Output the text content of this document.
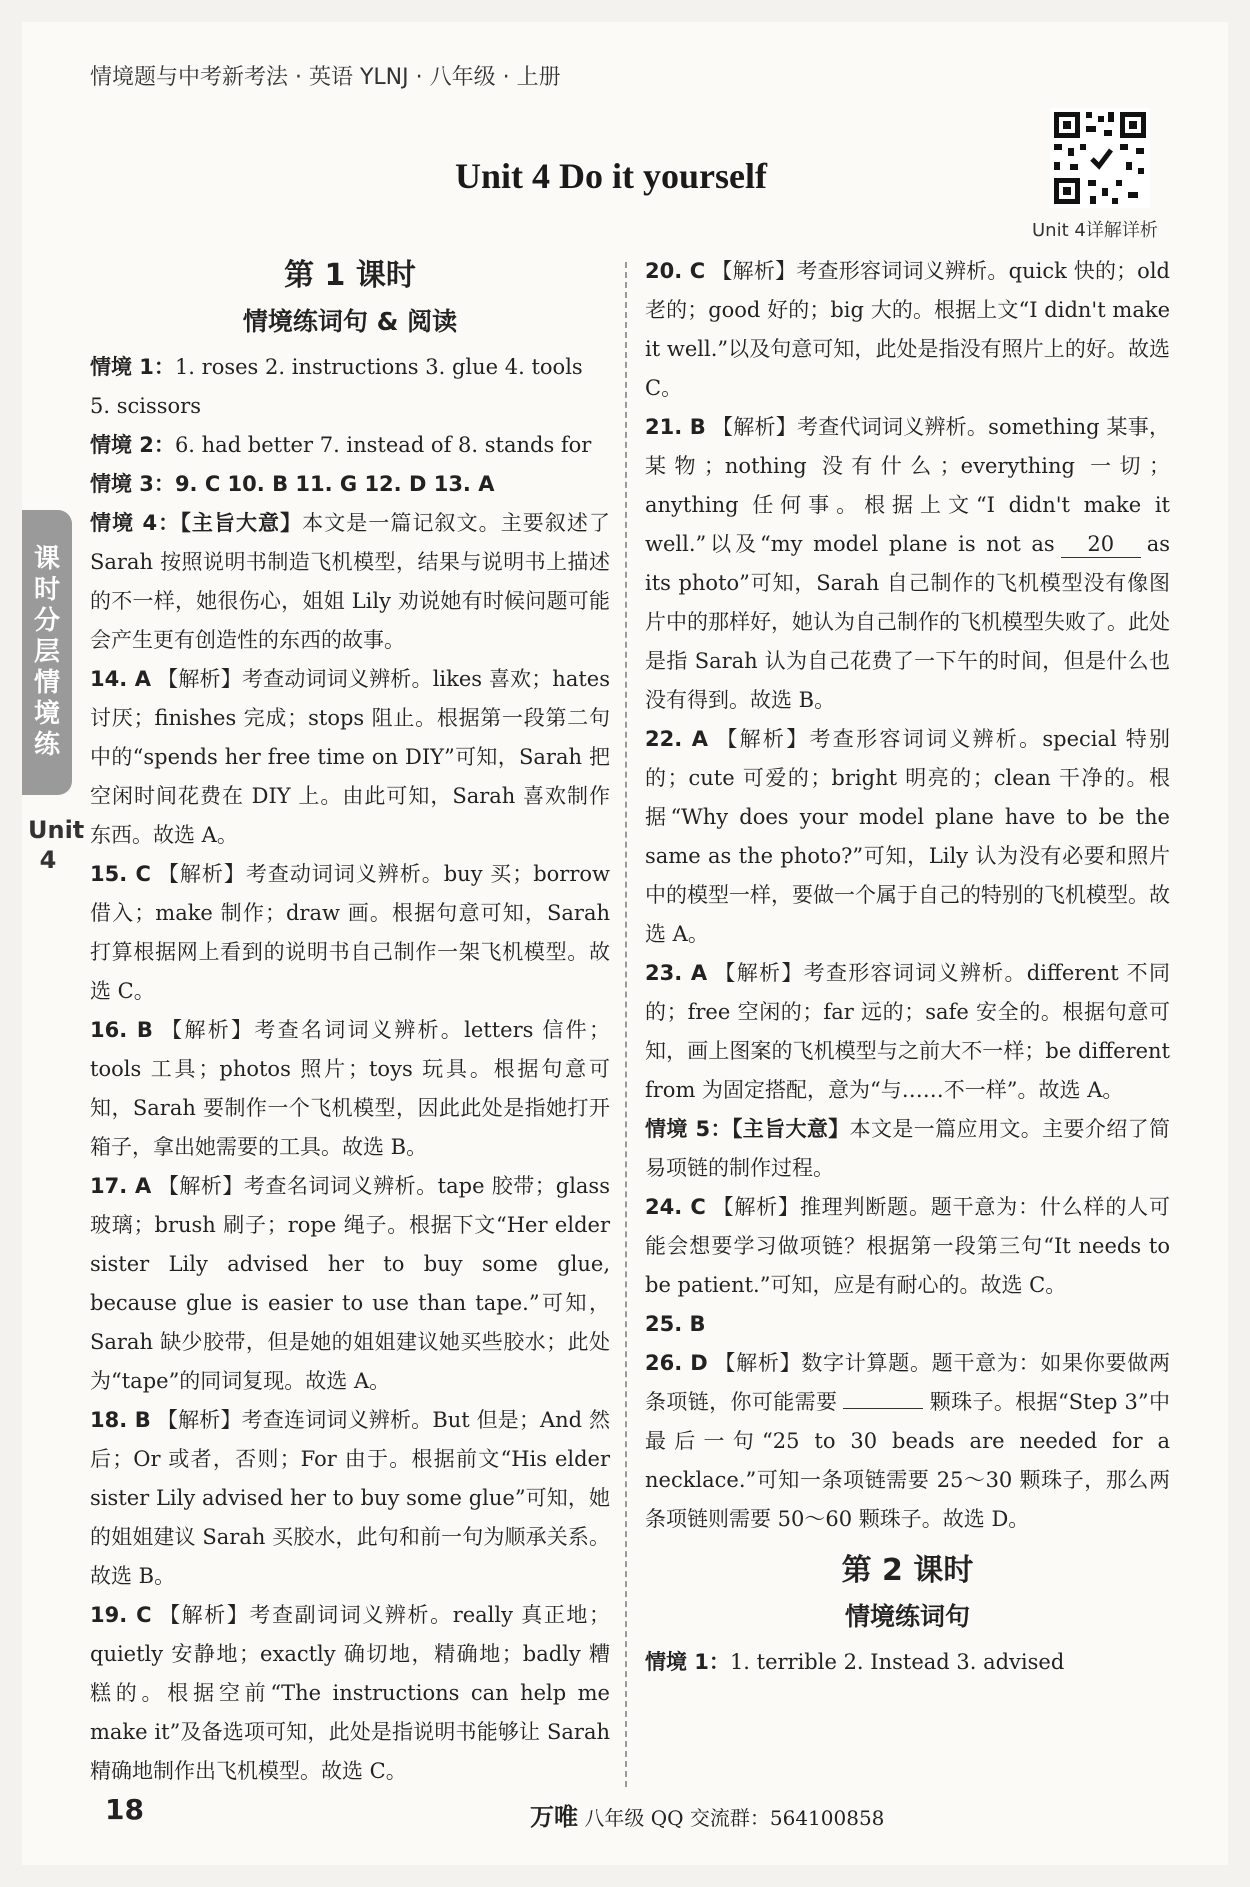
情境题与中考新考法 · 英语 YLNJ · 八年级 · 上册
Unit 4 Do it yourself
Unit 4详解详析
课
时
分
层
情
境
练
Unit
4
第 1 课时
情境练词句 & 阅读

情境 1：1. roses 2. instructions 3. glue 4. tools

5. scissors

情境 2：6. had better 7. instead of 8. stands for

情境 3：9. C 10. B 11. G 12. D 13. A

情境 4：【主旨大意】本文是一篇记叙文。主要叙述了 Sarah 按照说明书制造飞机模型，结果与说明书上描述的不一样，她很伤心，姐姐 Lily 劝说她有时候问题可能会产生更有创造性的东西的故事。

14. A 【解析】考查动词词义辨析。likes 喜欢；hates 讨厌；finishes 完成；stops 阻止。根据第一段第二句中的“spends her free time on DIY”可知，Sarah 把空闲时间花费在 DIY 上。由此可知，Sarah 喜欢制作东西。故选 A。

15. C 【解析】考查动词词义辨析。buy 买；borrow 借入；make 制作；draw 画。根据句意可知，Sarah 打算根据网上看到的说明书自己制作一架飞机模型。故选 C。

16. B 【解析】考查名词词义辨析。letters 信件；tools 工具；photos 照片；toys 玩具。根据句意可知，Sarah 要制作一个飞机模型，因此此处是指她打开箱子，拿出她需要的工具。故选 B。

17. A 【解析】考查名词词义辨析。tape 胶带；glass 玻璃；brush 刷子；rope 绳子。根据下文“Her elder sister Lily advised her to buy some glue, because glue is easier to use than tape.”可知，Sarah 缺少胶带，但是她的姐姐建议她买些胶水；此处为“tape”的同词复现。故选 A。

18. B 【解析】考查连词词义辨析。But 但是；And 然后；Or 或者，否则；For 由于。根据前文“His elder sister Lily advised her to buy some glue”可知，她的姐姐建议 Sarah 买胶水，此句和前一句为顺承关系。故选 B。

19. C 【解析】考查副词词义辨析。really 真正地；quietly 安静地；exactly 确切地，精确地；badly 糟糕的。根据空前“The instructions can help me make it”及备选项可知，此处是指说明书能够让 Sarah 精确地制作出飞机模型。故选 C。

20. C 【解析】考查形容词词义辨析。quick 快的；old 老的；good 好的；big 大的。根据上文“I didn't make it well.”以及句意可知，此处是指没有照片上的好。故选 C。

21. B 【解析】考查代词词义辨析。something 某事，某物；nothing 没有什么；everything 一切；anything 任何事。根据上文“I didn't make it well.”以及“my model plane is not as 20 as its photo”可知，Sarah 自己制作的飞机模型没有像图片中的那样好，她认为自己制作的飞机模型失败了。此处是指 Sarah 认为自己花费了一下午的时间，但是什么也没有得到。故选 B。

22. A 【解析】考查形容词词义辨析。special 特别的；cute 可爱的；bright 明亮的；clean 干净的。根据“Why does your model plane have to be the same as the photo?”可知，Lily 认为没有必要和照片中的模型一样，要做一个属于自己的特别的飞机模型。故选 A。

23. A 【解析】考查形容词词义辨析。different 不同的；free 空闲的；far 远的；safe 安全的。根据句意可知，画上图案的飞机模型与之前大不一样；be different from 为固定搭配，意为“与……不一样”。故选 A。

情境 5：【主旨大意】本文是一篇应用文。主要介绍了简易项链的制作过程。

24. C 【解析】推理判断题。题干意为：什么样的人可能会想要学习做项链？根据第一段第三句“It needs to be patient.”可知，应是有耐心的。故选 C。

25. B

26. D 【解析】数字计算题。题干意为：如果你要做两条项链，你可能需要	颗珠子。根据“Step 3”中最后一句“25 to 30 beads are needed for a necklace.”可知一条项链需要 25～30 颗珠子，那么两条项链则需要 50～60 颗珠子。故选 D。

第 2 课时
情境练词句

情境 1：1. terrible 2. Instead 3. advised

18	万唯 八年级 QQ 交流群：564100858
